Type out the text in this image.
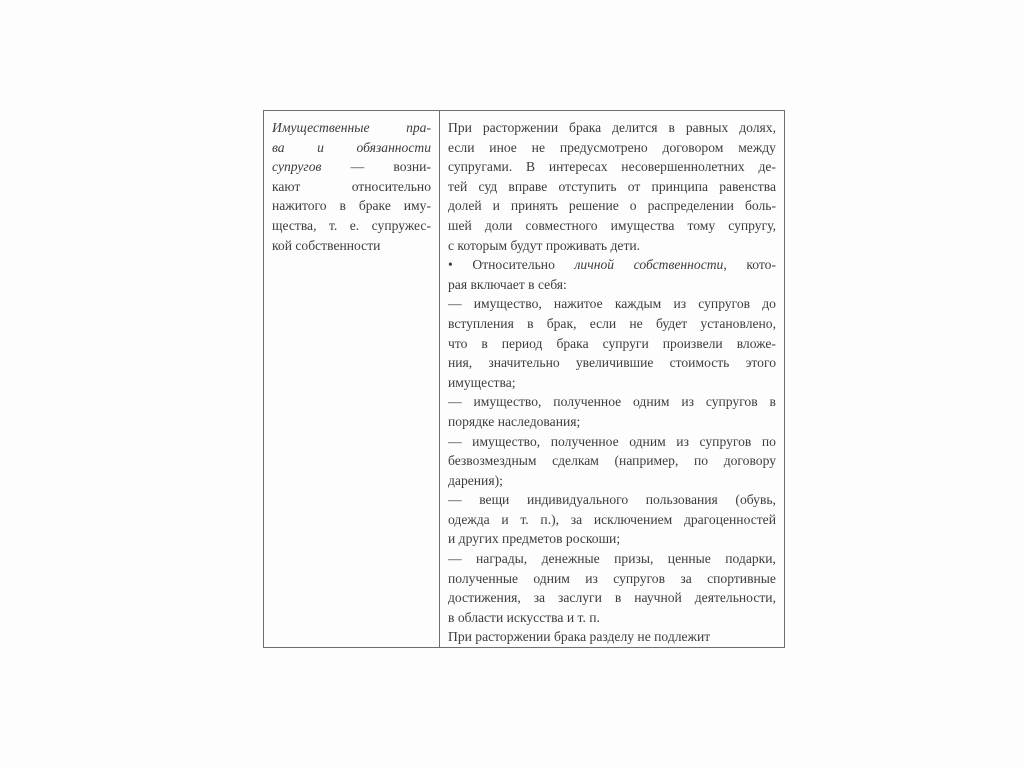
Имущественные	пра-
ва и обязанности
супругов — возни-
кают	относительно
нажитого в браке иму-
щества, т. е. супружес-
кой собственности
При расторжении брака делится в равных долях,
если иное не предусмотрено договором между
супругами. В интересах несовершеннолетних де-
тей суд вправе отступить от принципа равенства
долей и принять решение о распределении боль-
шей доли совместного имущества тому супругу,
с которым будут проживать дети.
• Относительно личной собственности, кото-
рая включает в себя:
— имущество, нажитое каждым из супругов до
вступления в брак, если не будет установлено,
что в период брака супруги произвели вложе-
ния, значительно увеличившие стоимость этого
имущества;
— имущество, полученное одним из супругов в
порядке наследования;
— имущество, полученное одним из супругов по
безвозмездным сделкам (например, по договору
дарения);
— вещи индивидуального пользования (обувь,
одежда и т. п.), за исключением драгоценностей
и других предметов роскоши;
— награды, денежные призы, ценные подарки,
полученные одним из супругов за спортивные
достижения, за заслуги в научной деятельности,
в области искусства и т. п.
При расторжении брака разделу не подлежит
